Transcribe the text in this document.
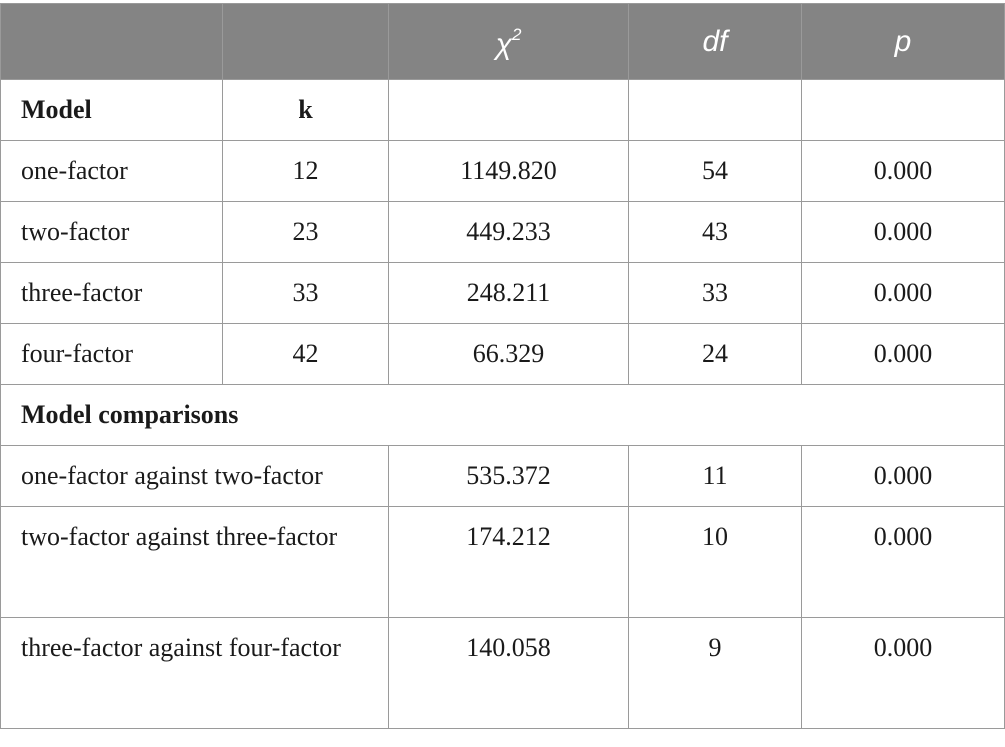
		$\chi^2$	df	p
Model	k			
one-factor	12	1149.820	54	0.000
two-factor	23	449.233	43	0.000
three-factor	33	248.211	33	0.000
four-factor	42	66.329	24	0.000
Model comparisons				
one-factor against two-factor		535.372	11	0.000
two-factor against three-factor		174.212	10	0.000
three-factor against four-factor		140.058	9	0.000
